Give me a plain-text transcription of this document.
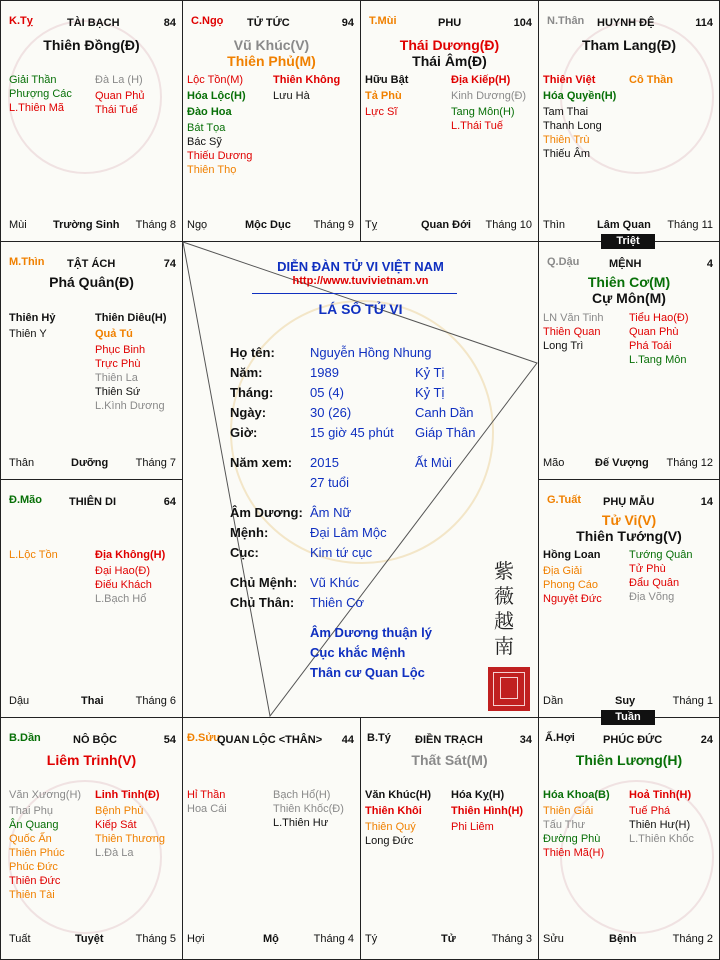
K.Tỵ	TÀI BẠCH	84
Thiên Đồng(Đ)
Giải Thần
Phượng Các
L.Thiên Mã
Đà La (H)
Quan Phủ
Thái Tuế
Mùi Trường Sinh Tháng 8
C.Ngọ TỬ TỨC	94
Vũ Khúc(V)
Thiên Phủ(M)
Lộc Tồn(M)
Hóa Lộc(H)
Đào Hoa
Bát Tọa
Bác Sỹ
Thiếu Dương
Thiên Thọ
Thiên Không
Lưu Hà
Ngọ	Mộc Dục Tháng 9
T.Mùi	PHU	104
Thái Dương(Đ)
Thái Âm(Đ)
Hữu Bật
Tả Phù
Lực Sĩ
Địa Kiếp(H)
Kinh Dương(Đ)
Tang Môn(H)
L.Thái Tuế
Tỵ	Quan Đới Tháng 10
N.Thân HUYNH ĐỆ	114
Tham Lang(Đ)
Thiên Việt
Hóa Quyền(H)
Tam Thai
Thanh Long
Thiên Trù
Thiếu Âm
Cô Thần
Thìn	Lâm Quan Tháng 11
M.Thìn TẬT ÁCH	74
Phá Quân(Đ)
Thiên Hỷ
Thiên Y
Thiên Diêu(H)
Quả Tú
Phục Binh
Trực Phù
Thiên La
Thiên Sứ
L.Kình Dương
Thân	Dưỡng Tháng 7
Q.Dậu	MỆNH	4
Thiên Cơ(M)
Cự Môn(M)
LN Văn Tinh
Thiên Quan
Long Trì
Tiểu Hao(Đ)
Quan Phù
Phá Toái
L.Tang Môn
Mão	Đế Vượng Tháng 12
Đ.Mão THIÊN DI	64
L.Lộc Tồn	Địa Không(H)
Đại Hao(Đ)
Điếu Khách
L.Bạch Hổ
Dậu	Thai	Tháng 6
G.Tuất PHỤ MẪU	14
Tử Vi(V)
Thiên Tướng(V)
Hồng Loan
Địa Giải
Phong Cáo
Nguyệt Đức
Tướng Quân
Tử Phù
Đẩu Quân
Địa Võng
Dần	Suy	Tháng 1
B.Dần	NÔ BỘC	54
Liêm Trinh(V)
Văn Xương(H)
Thai Phụ
Ân Quang
Quốc Ấn
Thiên Phúc
Phúc Đức
Thiên Đức
Thiên Tài
Linh Tinh(Đ)
Bệnh Phù
Kiếp Sát
Thiên Thương
L.Đà La
Tuất	Tuyệt	Tháng 5
Đ.Sửu
QUAN LỘC <THÂN> 44
Hỉ Thần
Hoa Cái
Bạch Hổ(H)
Thiên Khốc(Đ)
L.Thiên Hư
Hợi	Mộ	Tháng 4
B.Tý ĐIỀN TRẠCH	34
Thất Sát(M)
Văn Khúc(H)
Thiên Khôi
Thiên Quý
Long Đức
Hóa Kỵ(H)
Thiên Hình(H)
Phi Liêm
Tý	Tử	Tháng 3
Ấ.Hợi	PHÚC ĐỨC	24
Thiên Lương(H)
Hóa Khoa(B)
Thiên Giải
Tấu Thư
Đường Phù
Thiên Mã(H)
Hoả Tinh(H)
Tuế Phá
Thiên Hư(H)
L.Thiên Khốc
Sửu	Bệnh	Tháng 2
DIỄN ĐÀN TỬ VI VIỆT NAM
http://www.tuvivietnam.vn
LÁ SỐ TỬ VI
Họ tên:	Nguyễn Hồng Nhung
Năm:	1989	Kỷ Tị
Tháng:	05 (4)	Kỷ Tị
Ngày:	30 (26)	Canh Dần
Giờ:	15 giờ 45 phút Giáp Thân
Năm xem: 2015	Ất Mùi
27 tuổi
Âm Dương: Âm Nữ
Mệnh:	Đại Lâm Mộc
Cục:	Kim tứ cục
Chủ Mệnh: Vũ Khúc
Chủ Thân: Thiên Cơ
Âm Dương thuận lý
Cục khắc Mệnh
Thân cư Quan Lộc
紫
薇
越
南
Triệt
Tuần
